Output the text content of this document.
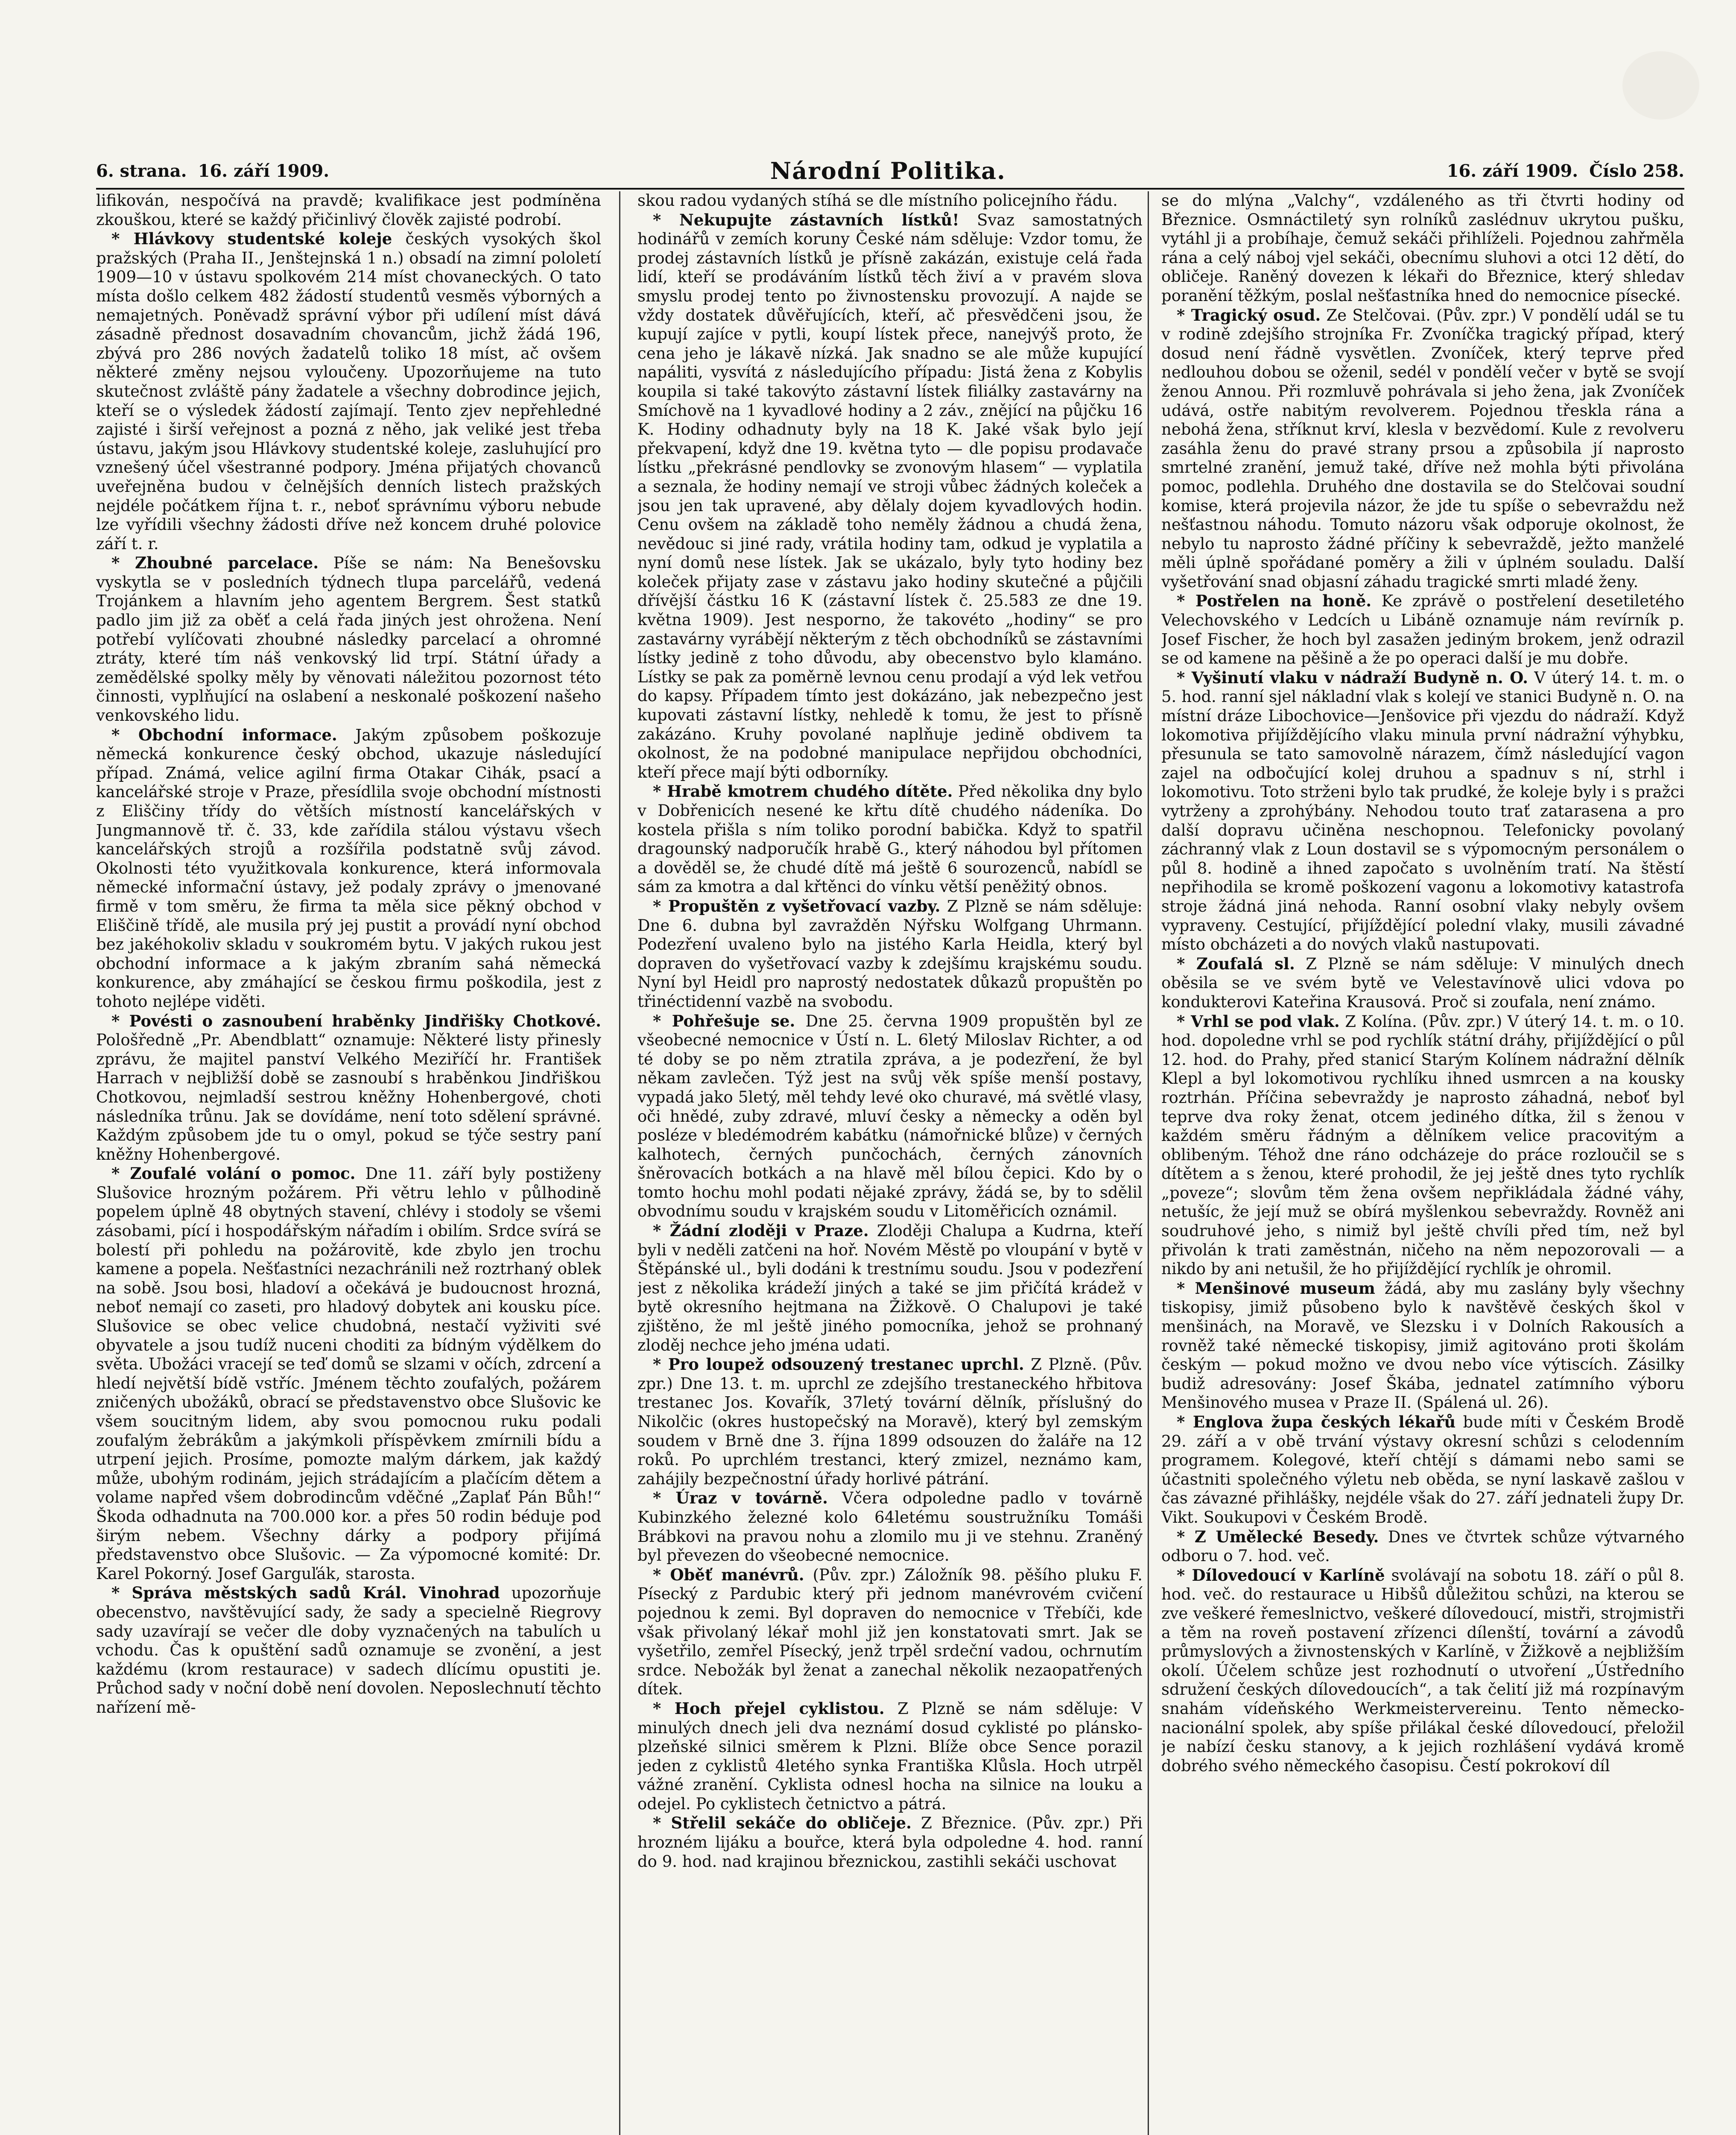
6. strana. 16. září 1909.	Národní Politika.	16. září 1909. Číslo 258.

lifikován, nespočívá na pravdě; kvalifikace jest podmíněna zkouškou, které se každý přičinlivý člověk zajisté podrobí.

* Hlávkovy studentské koleje českých vysokých škol pražských (Praha II., Jenštejnská 1 n.) obsadí na zimní pololetí 1909—10 v ústavu spolkovém 214 míst chovaneckých. O tato místa došlo celkem 482 žádostí studentů vesměs výborných a nemajetných. Poněvadž správní výbor při udílení míst dává zásadně přednost dosavadním chovancům, jichž žádá 196, zbývá pro 286 nových žadatelů toliko 18 míst, ač ovšem některé změny nejsou vyloučeny. Upozorňujeme na tuto skutečnost zvláště pány žadatele a všechny dobrodince jejich, kteří se o výsledek žádostí zajímají. Tento zjev nepřehledné zajisté i širší veřejnost a pozná z něho, jak veliké jest třeba ústavu, jakým jsou Hlávkovy studentské koleje, zasluhující pro vznešený účel všestranné podpory. Jména přijatých chovanců uveřejněna budou v čelnějších denních listech pražských nejdéle počátkem října t. r., neboť správnímu výboru nebude lze vyřídili všechny žádosti dříve než koncem druhé polovice září t. r.

* Zhoubné parcelace. Píše se nám: Na Benešovsku vyskytla se v posledních týdnech tlupa parcelářů, vedená Trojánkem a hlavním jeho agentem Bergrem. Šest statků padlo jim již za oběť a celá řada jiných jest ohrožena. Není potřebí vylíčovati zhoubné následky parcelací a ohromné ztráty, které tím náš venkovský lid trpí. Státní úřady a zemědělské spolky měly by věnovati náležitou pozornost této činnosti, vyplňující na oslabení a neskonalé poškození našeho venkovského lidu.

* Obchodní informace. Jakým způsobem poškozuje německá konkurence český obchod, ukazuje následující případ. Známá, velice agilní firma Otakar Cihák, psací a kancelářské stroje v Praze, přesídlila svoje obchodní místnosti z Eliščiny třídy do větších místností kancelářských v Jungmannově tř. č. 33, kde zařídila stálou výstavu všech kancelářských strojů a rozšířila podstatně svůj závod. Okolnosti této využitkovala konkurence, která informovala německé informační ústavy, jež podaly zprávy o jmenované firmě v tom směru, že firma ta měla sice pěkný obchod v Eliščině třídě, ale musila prý jej pustit a provádí nyní obchod bez jakéhokoliv skladu v soukromém bytu. V jakých rukou jest obchodní informace a k jakým zbraním sahá německá konkurence, aby zmáhající se českou firmu poškodila, jest z tohoto nejlépe viděti.

* Povésti o zasnoubení hraběnky Jindřišky Chotkové. Pološředně „Pr. Abendblatt“ oznamuje: Některé listy přinesly zprávu, že majitel panství Velkého Meziříčí hr. František Harrach v nejbližší době se zasnoubí s hraběnkou Jindřiškou Chotkovou, nejmladší sestrou kněžny Hohenbergové, choti následníka trůnu. Jak se dovídáme, není toto sdělení správné. Každým způsobem jde tu o omyl, pokud se týče sestry paní kněžny Hohenbergové.

* Zoufalé volání o pomoc. Dne 11. září byly postiženy Slušovice hrozným požárem. Při větru lehlo v půlhodině popelem úplně 48 obytných stavení, chlévy i stodoly se všemi zásobami, pící i hospodářským nářadím i obilím. Srdce svírá se bolestí při pohledu na požárovitě, kde zbylo jen trochu kamene a popela. Nešťastníci nezachránili než roztrhaný oblek na sobě. Jsou bosi, hladoví a očekává je budoucnost hrozná, neboť nemají co zaseti, pro hladový dobytek ani kousku píce. Slušovice se obec velice chudobná, nestačí vyživiti své obyvatele a jsou tudíž nuceni choditi za bídným výdělkem do světa. Ubožáci vracejí se teď domů se slzami v očích, zdrcení a hledí největší bídě vstříc. Jménem těchto zoufalých, požárem zničených ubožáků, obrací se představenstvo obce Slušovic ke všem soucitným lidem, aby svou pomocnou ruku podali zoufalým žebrákům a jakýmkoli příspěvkem zmírnili bídu a utrpení jejich. Prosíme, pomozte malým dárkem, jak každý může, ubohým rodinám, jejich strádajícím a plačícím dětem a volame napřed všem dobrodincům vděčné „Zaplať Pán Bůh!“ Škoda odhadnuta na 700.000 kor. a přes 50 rodin béduje pod širým nebem. Všechny dárky a podpory přijímá představenstvo obce Slušovic. — Za výpomocné komité: Dr. Karel Pokorný. Josef Garguľák, starosta.

* Správa městských sadů Král. Vinohrad upozorňuje obecenstvo, navštěvující sady, že sady a specielně Riegrovy sady uzavírají se večer dle doby vyznačených na tabulích u vchodu. Čas k opuštění sadů oznamuje se zvonění, a jest každému (krom restaurace) v sadech dlícímu opustiti je. Průchod sady v noční době není dovolen. Neposlechnutí těchto nařízení mě-

skou radou vydaných stíhá se dle místního policejního řádu.

* Nekupujte zástavních lístků! Svaz samostatných hodinářů v zemích koruny České nám sděluje: Vzdor tomu, že prodej zástavních lístků je přísně zakázán, existuje celá řada lidí, kteří se prodáváním lístků těch živí a v pravém slova smyslu prodej tento po živnostensku provozují. A najde se vždy dostatek důvěřujících, kteří, ač přesvědčeni jsou, že kupují zajíce v pytli, koupí lístek přece, nanejvýš proto, že cena jeho je lákavě nízká. Jak snadno se ale může kupující napáliti, vysvítá z následujícího případu: Jistá žena z Kobylis koupila si také takovýto zástavní lístek filiálky zastavárny na Smíchově na 1 kyvadlové hodiny a 2 záv., znějící na půjčku 16 K. Hodiny odhadnuty byly na 18 K. Jaké však bylo její překvapení, když dne 19. května tyto — dle popisu prodavače lístku „překrásné pendlovky se zvonovým hlasem“ — vyplatila a seznala, že hodiny nemají ve stroji vůbec žádných koleček a jsou jen tak upravené, aby dělaly dojem kyvadlových hodin. Cenu ovšem na základě toho neměly žádnou a chudá žena, nevědouc si jiné rady, vrátila hodiny tam, odkud je vyplatila a nyní domů nese lístek. Jak se ukázalo, byly tyto hodiny bez koleček přijaty zase v zástavu jako hodiny skutečné a půjčili dřívější částku 16 K (zástavní lístek č. 25.583 ze dne 19. května 1909). Jest nesporno, že takovéto „hodiny“ se pro zastavárny vyrábějí některým z těch obchodníků se zástavními lístky jedině z toho důvodu, aby obecenstvo bylo klamáno. Lístky se pak za poměrně levnou cenu prodají a výd lek vetřou do kapsy. Případem tímto jest dokázáno, jak nebezpečno jest kupovati zástavní lístky, nehledě k tomu, že jest to přísně zakázáno. Kruhy povolané naplňuje jedině obdivem ta okolnost, že na podobné manipulace nepřijdou obchodníci, kteří přece mají býti odborníky.

* Hrabě kmotrem chudého dítěte. Před několika dny bylo v Dobřenicích nesené ke křtu dítě chudého nádeníka. Do kostela přišla s ním toliko porodní babička. Když to spatřil dragounský nadporučík hrabě G., který náhodou byl přítomen a dověděl se, že chudé dítě má ještě 6 sourozenců, nabídl se sám za kmotra a dal křtěnci do vínku větší peněžitý obnos.

* Propuštěn z vyšetřovací vazby. Z Plzně se nám sděluje: Dne 6. dubna byl zavražděn Nýřsku Wolfgang Uhrmann. Podezření uvaleno bylo na jistého Karla Heidla, který byl dopraven do vyšetřovací vazby k zdejšímu krajskému soudu. Nyní byl Heidl pro naprostý nedostatek důkazů propuštěn po třinéctidenní vazbě na svobodu.

* Pohřešuje se. Dne 25. června 1909 propuštěn byl ze všeobecné nemocnice v Ústí n. L. 6letý Miloslav Richter, a od té doby se po něm ztratila zpráva, a je podezření, že byl někam zavlečen. Týž jest na svůj věk spíše menší postavy, vypadá jako 5letý, měl tehdy levé oko churavé, má světlé vlasy, oči hnědé, zuby zdravé, mluví česky a německy a oděn byl posléze v bledémodrém kabátku (námořnické blůze) v černých kalhotech, černých punčochách, černých zánovních šněrovacích botkách a na hlavě měl bílou čepici. Kdo by o tomto hochu mohl podati nějaké zprávy, žádá se, by to sdělil obvodnímu soudu v krajském soudu v Litoměřicích oznámil.

* Žádní zloději v Praze. Zloději Chalupa a Kudrna, kteří byli v neděli zatčeni na hoř. Novém Městě po vloupání v bytě v Štěpánské ul., byli dodáni k trestnímu soudu. Jsou v podezření jest z několika krádeží jiných a také se jim přičítá krádež v bytě okresního hejtmana na Žižkově. O Chalupovi je také zjištěno, že ml ještě jiného pomocníka, jehož se prohnaný zloděj nechce jeho jména udati.

* Pro loupež odsouzený trestanec uprchl. Z Plzně. (Pův. zpr.) Dne 13. t. m. uprchl ze zdejšího trestaneckého hřbitova trestanec Jos. Kovařík, 37letý tovární dělník, příslušný do Nikolčic (okres hustopečský na Moravě), který byl zemským soudem v Brně dne 3. října 1899 odsouzen do žaláře na 12 roků. Po uprchlém trestanci, který zmizel, neznámo kam, zahájily bezpečnostní úřady horlivé pátrání.

* Úraz v továrně. Včera odpoledne padlo v továrně Kubinzkého železné kolo 64letému soustružníku Tomáši Brábkovi na pravou nohu a zlomilo mu ji ve stehnu. Zraněný byl převezen do všeobecné nemocnice.

* Oběť manévrů. (Pův. zpr.) Záložník 98. pěšího pluku F. Písecký z Pardubic který při jednom manévrovém cvičení pojednou k zemi. Byl dopraven do nemocnice v Třebíči, kde však přivolaný lékař mohl již jen konstatovati smrt. Jak se vyšetřilo, zemřel Písecký, jenž trpěl srdeční vadou, ochrnutím srdce. Nebožák byl ženat a zanechal několik nezaopatřených dítek.

* Hoch přejel cyklistou. Z Plzně se nám sděluje: V minulých dnech jeli dva neznámí dosud cyklisté po plánsko-plzeňské silnici směrem k Plzni. Blíže obce Sence porazil jeden z cyklistů 4letého synka Františka Klůsla. Hoch utrpěl vážné zranění. Cyklista odnesl hocha na silnice na louku a odejel. Po cyklistech četnictvo a pátrá.

* Střelil sekáče do obličeje. Z Březnice. (Pův. zpr.) Při hrozném lijáku a bouřce, která byla odpoledne 4. hod. ranní do 9. hod. nad krajinou březnickou, zastihli sekáči uschovat

se do mlýna „Valchy“, vzdáleného as tři čtvrti hodiny od Březnice. Osmnáctiletý syn rolníků zaslédnuv ukrytou pušku, vytáhl ji a probíhaje, čemuž sekáči přihlíželi. Pojednou zahřměla rána a celý náboj vjel sekáči, obecnímu sluhovi a otci 12 dětí, do obličeje. Raněný dovezen k lékaři do Březnice, který shledav poranění těžkým, poslal nešťastníka hned do nemocnice písecké.

* Tragický osud. Ze Stelčovai. (Pův. zpr.) V pondělí udál se tu v rodině zdejšího strojníka Fr. Zvoníčka tragický případ, který dosud není řádně vysvětlen. Zvoníček, který teprve před nedlouhou dobou se oženil, sedél v pondělí večer v bytě se svojí ženou Annou. Při rozmluvě pohrávala si jeho žena, jak Zvoníček udává, ostře nabitým revolverem. Pojednou třeskla rána a nebohá žena, stříknut krví, klesla v bezvědomí. Kule z revolveru zasáhla ženu do pravé strany prsou a způsobila jí naprosto smrtelné zranění, jemuž také, dříve než mohla býti přivolána pomoc, podlehla. Druhého dne dostavila se do Stelčovai soudní komise, která projevila názor, že jde tu spíše o sebevraždu než nešťastnou náhodu. Tomuto názoru však odporuje okolnost, že nebylo tu naprosto žádné příčiny k sebevraždě, ježto manželé měli úplně spořádané poměry a žili v úplném souladu. Další vyšetřování snad objasní záhadu tragické smrti mladé ženy.

* Postřelen na honě. Ke zprávě o postřelení desetiletého Velechovského v Ledcích u Libáně oznamuje nám revírník p. Josef Fischer, že hoch byl zasažen jediným brokem, jenž odrazil se od kamene na pěšině a že po operaci další je mu dobře.

* Vyšinutí vlaku v nádraží Budyně n. O. V úterý 14. t. m. o 5. hod. ranní sjel nákladní vlak s kolejí ve stanici Budyně n. O. na místní dráze Libochovice—Jenšovice při vjezdu do nádraží. Když lokomotiva přijíždějícího vlaku minula první nádražní výhybku, přesunula se tato samovolně nárazem, čímž následující vagon zajel na odbočující kolej druhou a spadnuv s ní, strhl i lokomotivu. Toto strženi bylo tak prudké, že koleje byly i s pražci vytrženy a zprohýbány. Nehodou touto trať zatarasena a pro další dopravu učiněna neschopnou. Telefonicky povolaný záchranný vlak z Loun dostavil se s výpomocným personálem o půl 8. hodině a ihned započato s uvolněním tratí. Na štěstí nepřihodila se kromě poškození vagonu a lokomotivy katastrofa stroje žádná jiná nehoda. Ranní osobní vlaky nebyly ovšem vypraveny. Cestující, přijíždějící polední vlaky, musili závadné místo obcházeti a do nových vlaků nastupovati.

* Zoufalá sl. Z Plzně se nám sděluje: V minulých dnech oběsila se ve svém bytě ve Velestavínově ulici vdova po kondukterovi Kateřina Krausová. Proč si zoufala, není známo.

* Vrhl se pod vlak. Z Kolína. (Pův. zpr.) V úterý 14. t. m. o 10. hod. dopoledne vrhl se pod rychlík státní dráhy, přijíždějící o půl 12. hod. do Prahy, před stanicí Starým Kolínem nádražní dělník Klepl a byl lokomotivou rychlíku ihned usmrcen a na kousky roztrhán. Příčina sebevraždy je naprosto záhadná, neboť byl teprve dva roky ženat, otcem jediného dítka, žil s ženou v každém směru řádným a dělníkem velice pracovitým a oblibeným. Téhož dne ráno odcházeje do práce rozloučil se s dítětem a s ženou, které prohodil, že jej ještě dnes tyto rychlík „poveze“; slovům těm žena ovšem nepřikládala žádné váhy, netušíc, že její muž se obírá myšlenkou sebevraždy. Rovněž ani soudruhové jeho, s nimiž byl ještě chvíli před tím, než byl přivolán k trati zaměstnán, ničeho na něm nepozorovali — a nikdo by ani netušil, že ho přijíždějící rychlík je ohromil.

* Menšinové museum žádá, aby mu zaslány byly všechny tiskopisy, jimiž působeno bylo k navštěvě českých škol v menšinách, na Moravě, ve Slezsku i v Dolních Rakousích a rovněž také německé tiskopisy, jimiž agitováno proti školám českým — pokud možno ve dvou nebo více výtiscích. Zásilky budiž adresovány: Josef Škába, jednatel zatímního výboru Menšinového musea v Praze II. (Spálená ul. 26).

* Englova župa českých lékařů bude míti v Českém Brodě 29. září a v obě trvání výstavy okresní schůzi s celodenním programem. Kolegové, kteří chtějí s dámami nebo sami se účastniti společného výletu neb oběda, se nyní laskavě zašlou v čas závazné přihlášky, nejdéle však do 27. září jednateli župy Dr. Vikt. Soukupovi v Českém Brodě.

* Z Umělecké Besedy. Dnes ve čtvrtek schůze výtvarného odboru o 7. hod. več.

* Dílovedoucí v Karlíně svolávají na sobotu 18. září o půl 8. hod. več. do restaurace u Hibšů důležitou schůzi, na kterou se zve veškeré řemeslnictvo, veškeré dílovedoucí, mistři, strojmistři a těm na roveň postavení zřízenci dílenští, tovární a závodů průmyslových a živnostenských v Karlíně, v Žižkově a nejbližším okolí. Účelem schůze jest rozhodnutí o utvoření „Ústředního sdružení českých dílovedoucích“, a tak čelití již má rozpínavým snahám vídeňského Werkmeistervereinu. Tento německo-nacionální spolek, aby spíše přilákal české dílovedoucí, přeložil je nabízí česku stanovy, a k jejich rozhlášení vydává kromě dobrého svého německého časopisu. Čestí pokrokoví díl
